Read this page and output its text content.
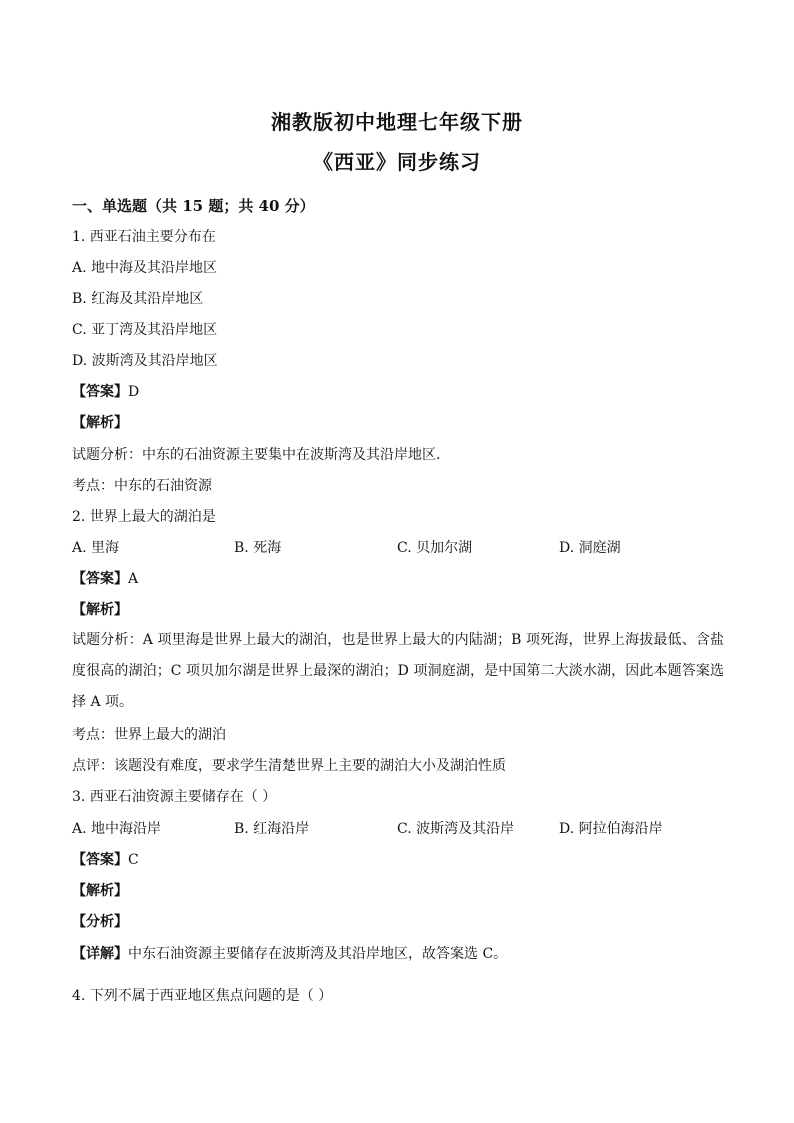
湘教版初中地理七年级下册
《西亚》同步练习
一、单选题（共 15 题；共 40 分）
1. 西亚石油主要分布在
A. 地中海及其沿岸地区
B. 红海及其沿岸地区
C. 亚丁湾及其沿岸地区
D. 波斯湾及其沿岸地区
【答案】D
【解析】
试题分析：中东的石油资源主要集中在波斯湾及其沿岸地区．
考点：中东的石油资源
2. 世界上最大的湖泊是
A. 里海	B. 死海	C. 贝加尔湖	D. 洞庭湖
【答案】A
【解析】
试题分析：A 项里海是世界上最大的湖泊，也是世界上最大的内陆湖；B 项死海，世界上海拔最低、含盐度很高的湖泊；C 项贝加尔湖是世界上最深的湖泊；D 项洞庭湖，是中国第二大淡水湖，因此本题答案选择 A 项。
考点：世界上最大的湖泊
点评：该题没有难度，要求学生清楚世界上主要的湖泊大小及湖泊性质
3. 西亚石油资源主要储存在（ ）
A. 地中海沿岸	B. 红海沿岸	C. 波斯湾及其沿岸	D. 阿拉伯海沿岸
【答案】C
【解析】
【分析】
【详解】中东石油资源主要储存在波斯湾及其沿岸地区，故答案选 C。
4. 下列不属于西亚地区焦点问题的是（ ）
